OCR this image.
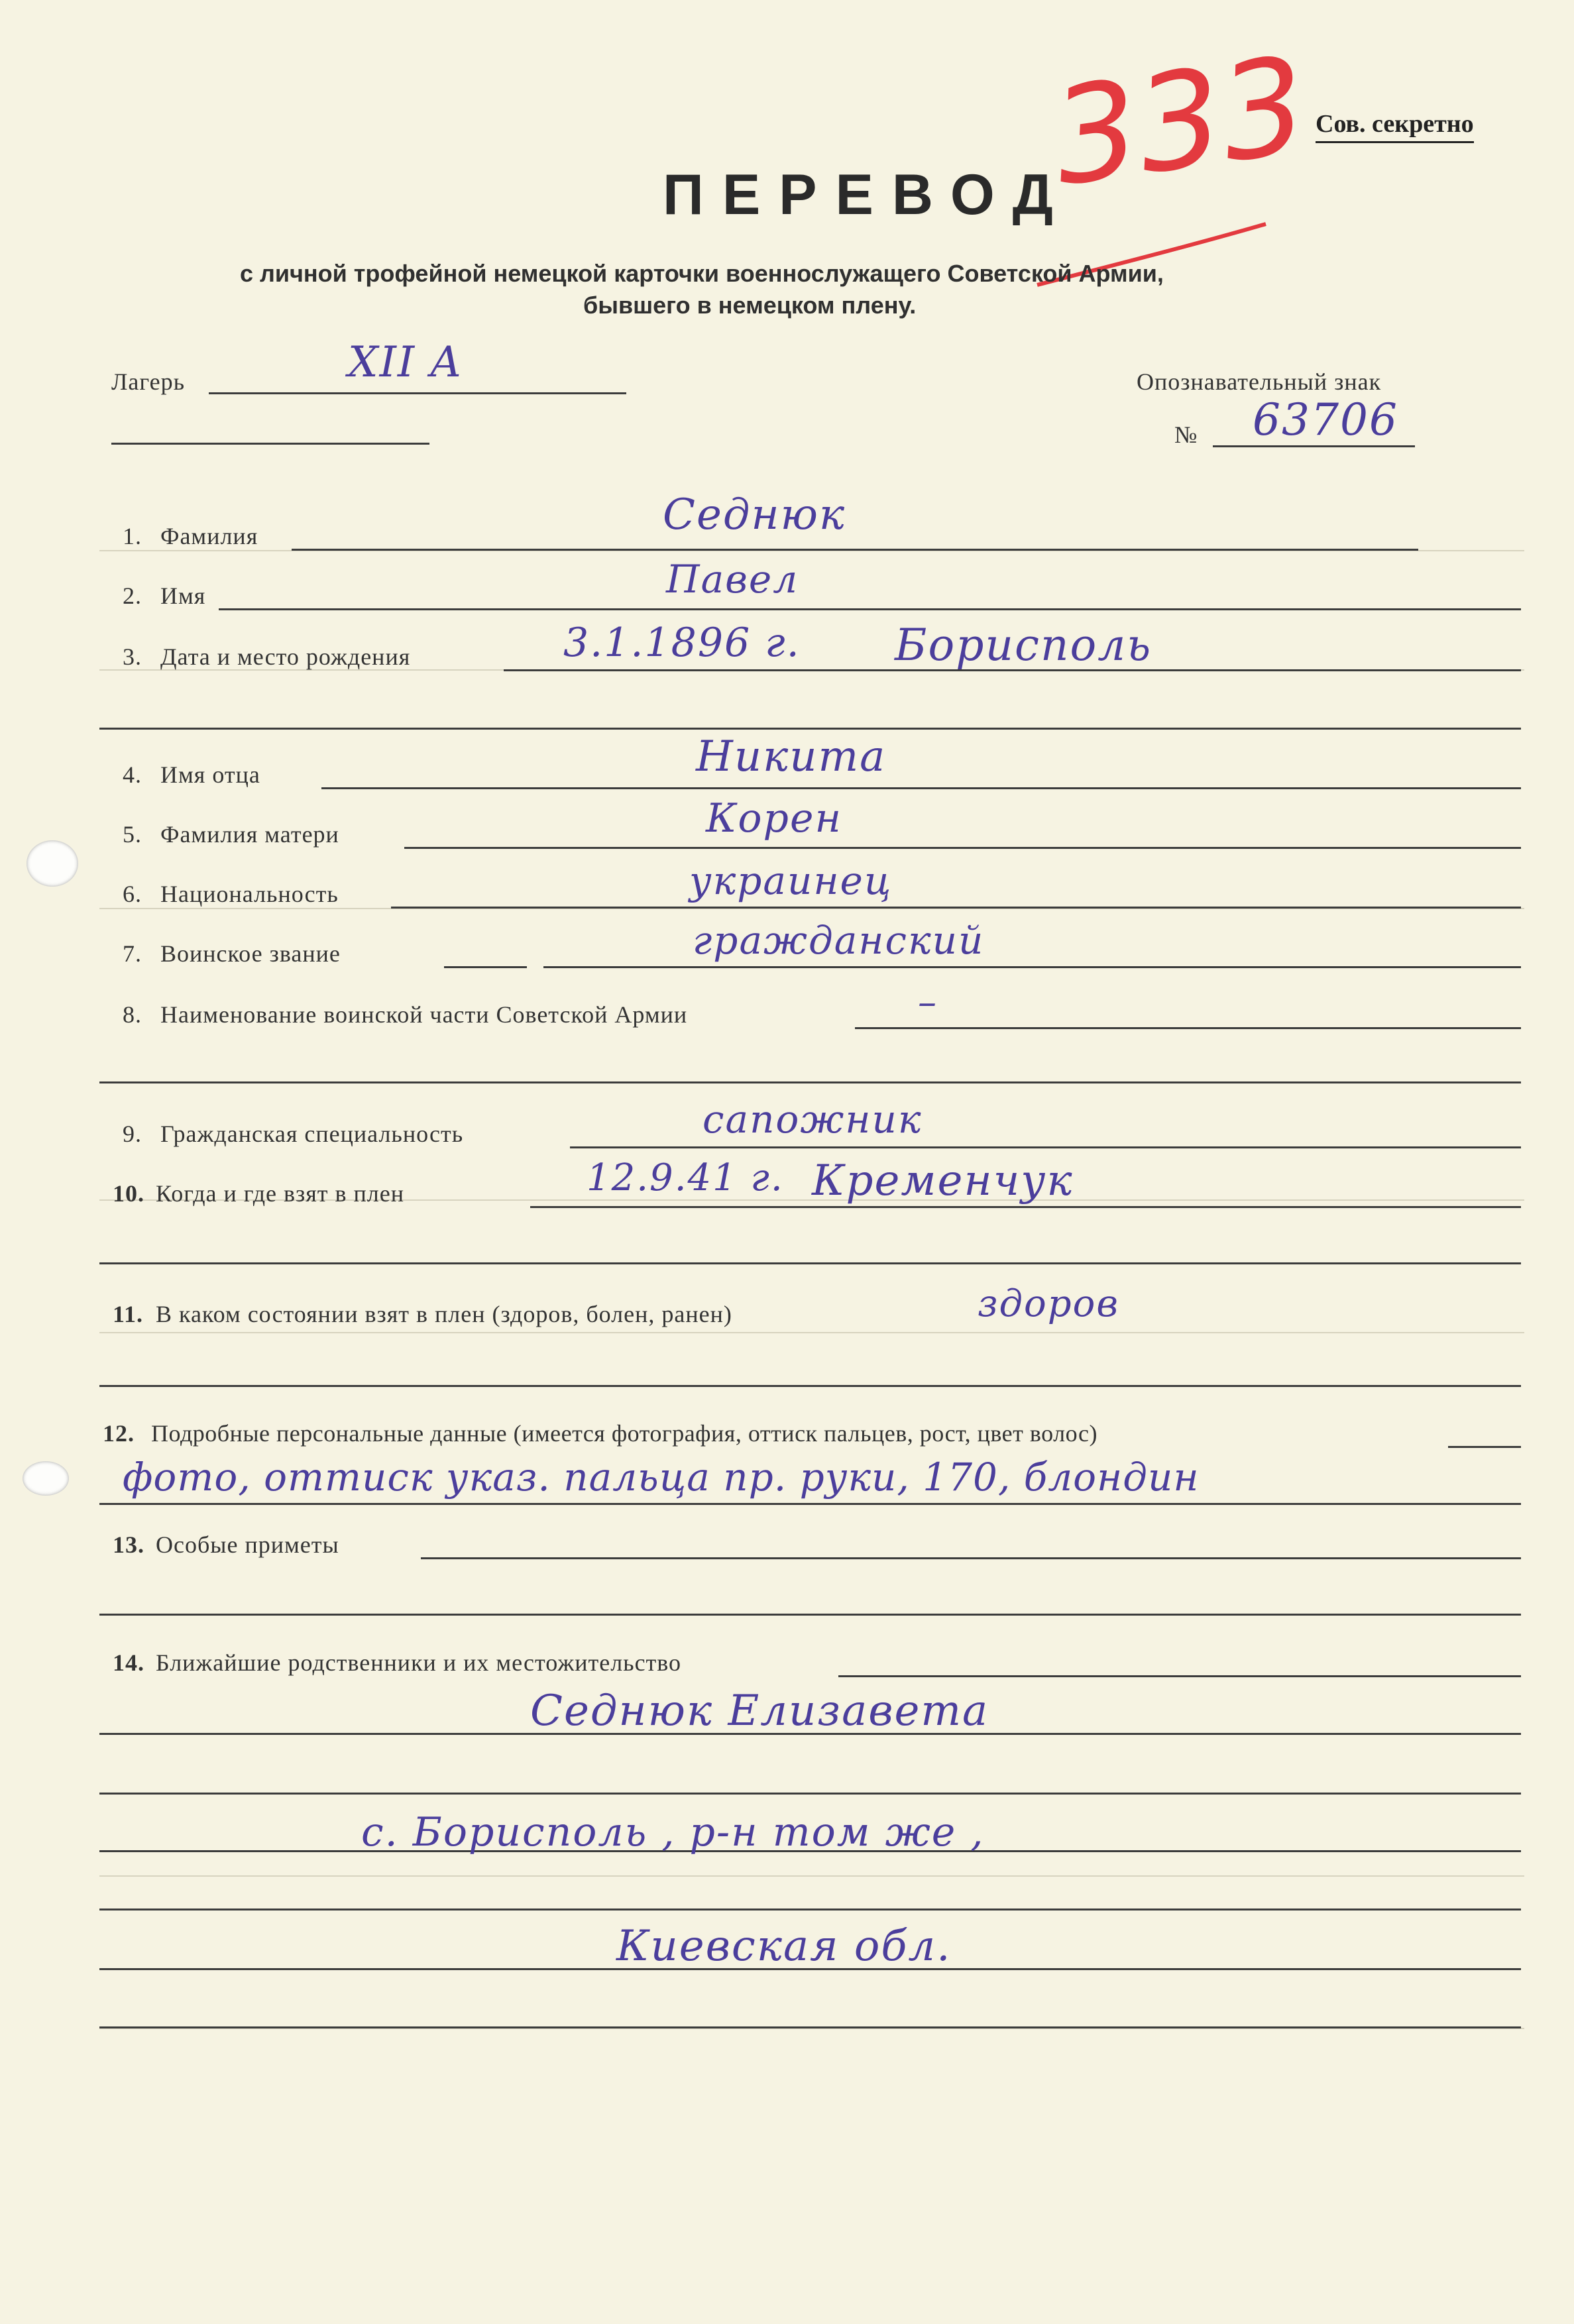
Сов. секретно
333
ПЕРЕВОД
с личной трофейной немецкой карточки военнослужащего Советской Армии,
бывшего в немецком плену.
Лагерь	XII A	Опознавательный знак
№ 63706
1. Фамилия	Седнюк
2. Имя	Павел
3. Дата и место рождения	3.1.1896 г. Борисполь
4. Имя отца	Никита
5. Фамилия матери	Корен
6. Национальность	украинец
7. Воинское звание	гражданский
8. Наименование воинской части Советской Армии	–
9. Гражданская специальность	сапожник
10. Когда и где взят в плен	12.9.41 г. Кременчук
11. В каком состоянии взят в плен (здоров, болен, ранен)	здоров
12. Подробные персональные данные (имеется фотография, оттиск пальцев, рост, цвет волос)
фото, оттиск указ. пальца пр. руки, 170, блондин
13. Особые приметы
14. Ближайшие родственники и их местожительство
Седнюк Елизавета
с. Борисполь , р-н том же ,
Киевская обл.
